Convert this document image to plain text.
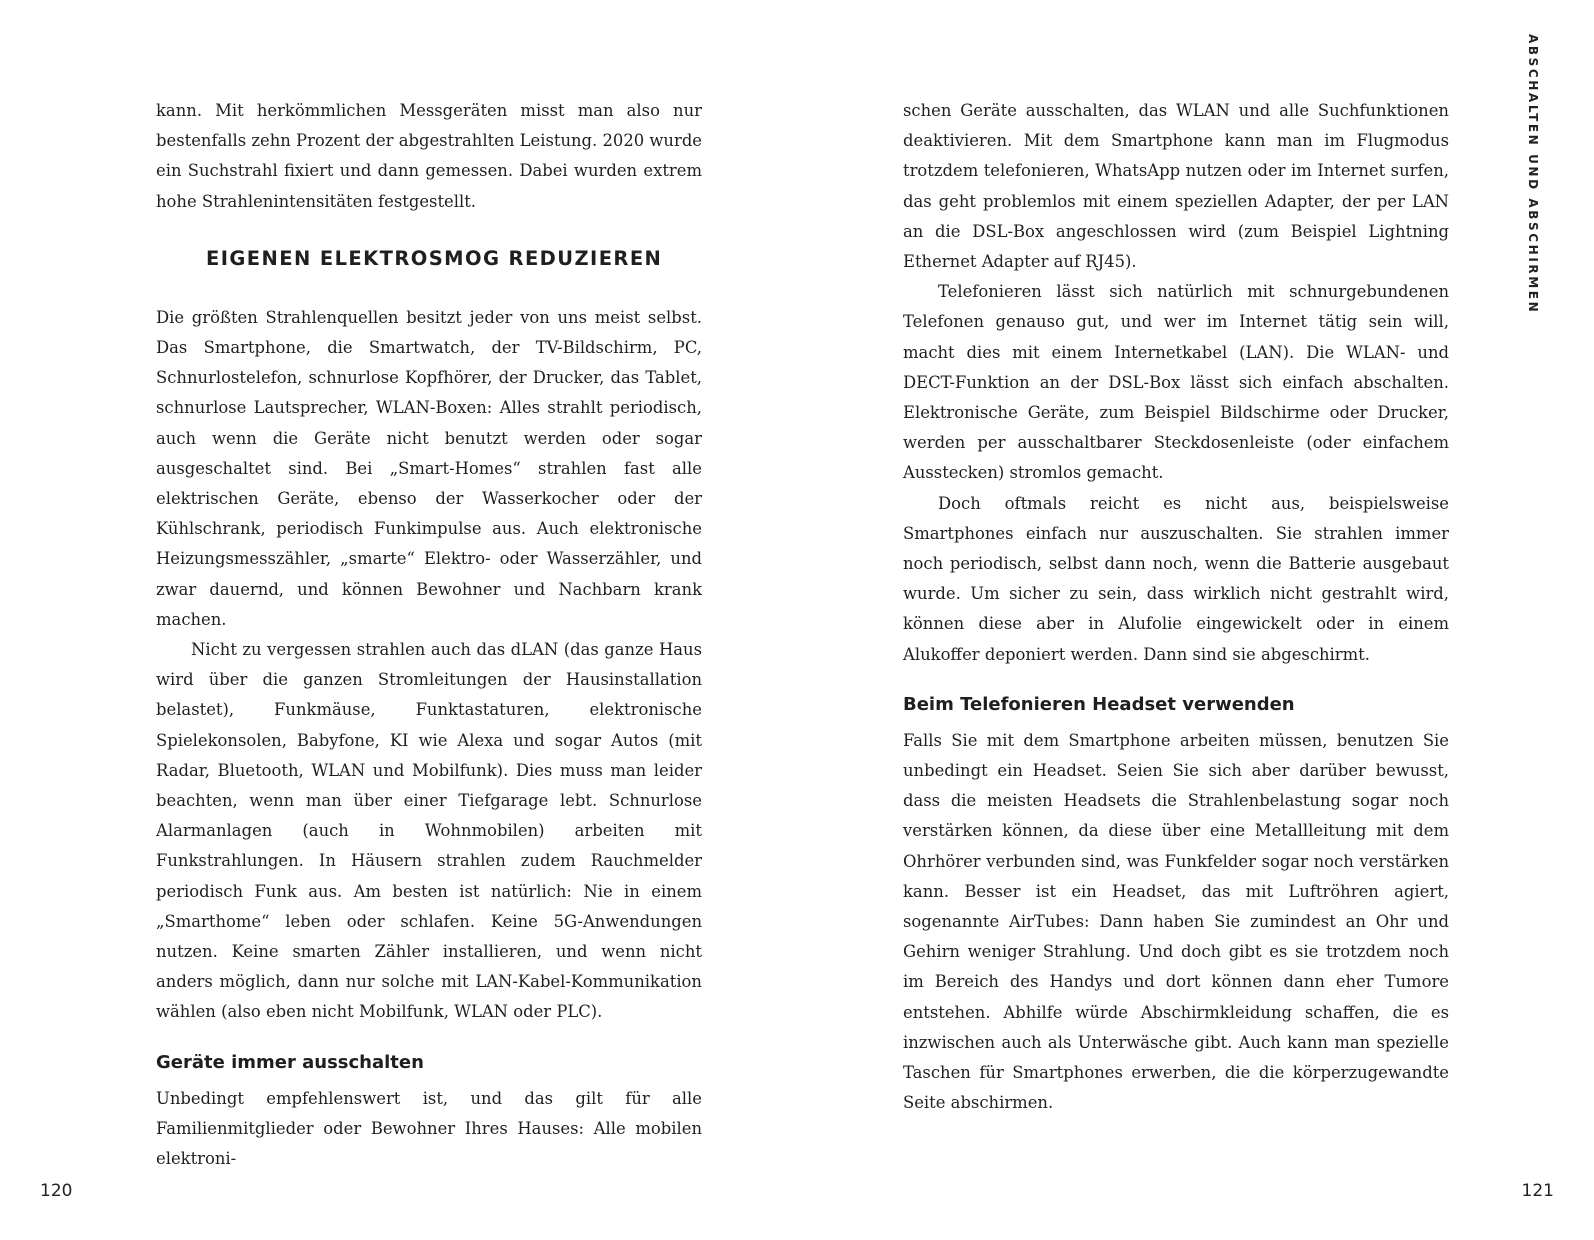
kann. Mit herkömmlichen Messgeräten misst man also nur bestenfalls zehn Prozent der abgestrahlten Leistung. 2020 wurde ein Suchstrahl fixiert und dann gemessen. Dabei wurden extrem hohe Strahlenintensitäten festgestellt.

EIGENEN ELEKTROSMOG REDUZIEREN

Die größten Strahlenquellen besitzt jeder von uns meist selbst. Das Smartphone, die Smartwatch, der TV-Bildschirm, PC, Schnurlostelefon, schnurlose Kopfhörer, der Drucker, das Tablet, schnurlose Lautsprecher, WLAN-Boxen: Alles strahlt periodisch, auch wenn die Geräte nicht benutzt werden oder sogar ausgeschaltet sind. Bei „Smart-Homes“ strahlen fast alle elektrischen Geräte, ebenso der Wasserkocher oder der Kühlschrank, periodisch Funkimpulse aus. Auch elektronische Heizungsmesszähler, „smarte“ Elektro- oder Wasserzähler, und zwar dauernd, und können Bewohner und Nachbarn krank machen.

Nicht zu vergessen strahlen auch das dLAN (das ganze Haus wird über die ganzen Stromleitungen der Hausinstallation belastet), Funkmäuse, Funktastaturen, elektronische Spielekonsolen, Babyfone, KI wie Alexa und sogar Autos (mit Radar, Bluetooth, WLAN und Mobilfunk). Dies muss man leider beachten, wenn man über einer Tiefgarage lebt. Schnurlose Alarmanlagen (auch in Wohnmobilen) arbeiten mit Funkstrahlungen. In Häusern strahlen zudem Rauchmelder periodisch Funk aus. Am besten ist natürlich: Nie in einem „Smarthome“ leben oder schlafen. Keine 5G-Anwendungen nutzen. Keine smarten Zähler installieren, und wenn nicht anders möglich, dann nur solche mit LAN-Kabel-Kommunikation wählen (also eben nicht Mobilfunk, WLAN oder PLC).

Geräte immer ausschalten

Unbedingt empfehlenswert ist, und das gilt für alle Familienmitglieder oder Bewohner Ihres Hauses: Alle mobilen elektroni-

schen Geräte ausschalten, das WLAN und alle Suchfunktionen deaktivieren. Mit dem Smartphone kann man im Flugmodus trotzdem telefonieren, WhatsApp nutzen oder im Internet surfen, das geht problemlos mit einem speziellen Adapter, der per LAN an die DSL-Box angeschlossen wird (zum Beispiel Lightning Ethernet Adapter auf RJ45).

Telefonieren lässt sich natürlich mit schnurgebundenen Telefonen genauso gut, und wer im Internet tätig sein will, macht dies mit einem Internetkabel (LAN). Die WLAN- und DECT-Funktion an der DSL-Box lässt sich einfach abschalten. Elektronische Geräte, zum Beispiel Bildschirme oder Drucker, werden per ausschaltbarer Steckdosenleiste (oder einfachem Ausstecken) stromlos gemacht.

Doch oftmals reicht es nicht aus, beispielsweise Smartphones einfach nur auszuschalten. Sie strahlen immer noch periodisch, selbst dann noch, wenn die Batterie ausgebaut wurde. Um sicher zu sein, dass wirklich nicht gestrahlt wird, können diese aber in Alufolie eingewickelt oder in einem Alukoffer deponiert werden. Dann sind sie abgeschirmt.

Beim Telefonieren Headset verwenden

Falls Sie mit dem Smartphone arbeiten müssen, benutzen Sie unbedingt ein Headset. Seien Sie sich aber darüber bewusst, dass die meisten Headsets die Strahlenbelastung sogar noch verstärken können, da diese über eine Metallleitung mit dem Ohrhörer verbunden sind, was Funkfelder sogar noch verstärken kann. Besser ist ein Headset, das mit Luftröhren agiert, sogenannte AirTubes: Dann haben Sie zumindest an Ohr und Gehirn weniger Strahlung. Und doch gibt es sie trotzdem noch im Bereich des Handys und dort können dann eher Tumore entstehen. Abhilfe würde Abschirmkleidung schaffen, die es inzwischen auch als Unterwäsche gibt. Auch kann man spezielle Taschen für Smartphones erwerben, die die körperzugewandte Seite abschirmen.

ABSCHALTEN UND ABSCHIRMEN
120	121
